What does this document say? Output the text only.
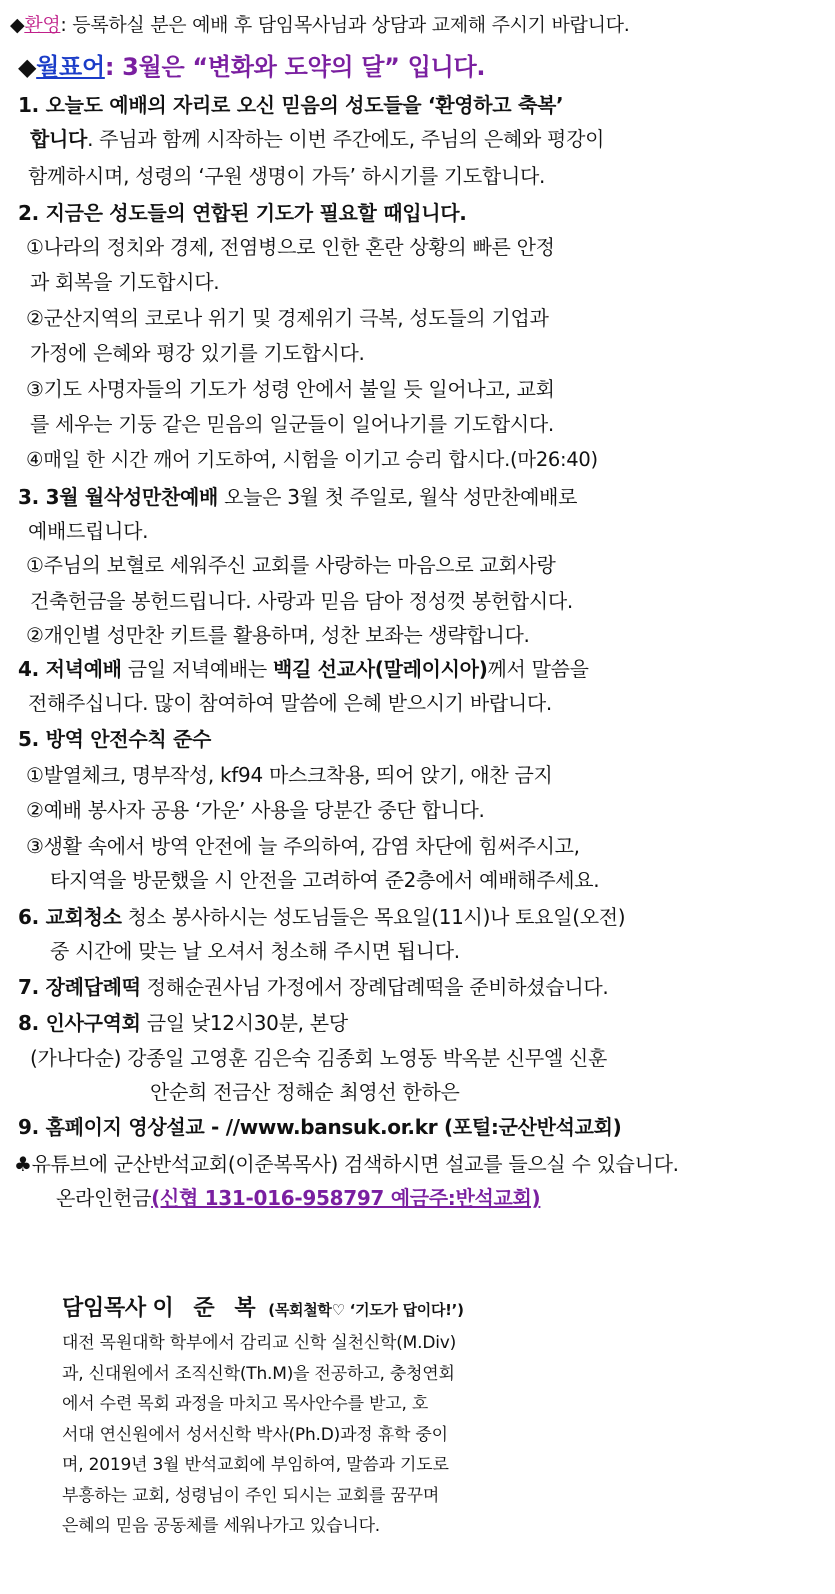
◆환영: 등록하실 분은 예배 후 담임목사님과 상담과 교제해 주시기 바랍니다.
◆월표어: 3월은 “변화와 도약의 달” 입니다.
1. 오늘도 예배의 자리로 오신 믿음의 성도들을 ‘환영하고 축복’
합니다. 주님과 함께 시작하는 이번 주간에도, 주님의 은혜와 평강이
함께하시며, 성령의 ‘구원 생명이 가득’ 하시기를 기도합니다.
2. 지금은 성도들의 연합된 기도가 필요할 때입니다.
①나라의 정치와 경제, 전염병으로 인한 혼란 상황의 빠른 안정
과 회복을 기도합시다.
②군산지역의 코로나 위기 및 경제위기 극복, 성도들의 기업과
가정에 은혜와 평강 있기를 기도합시다.
③기도 사명자들의 기도가 성령 안에서 불일 듯 일어나고, 교회
를 세우는 기둥 같은 믿음의 일군들이 일어나기를 기도합시다.
④매일 한 시간 깨어 기도하여, 시험을 이기고 승리 합시다.(마26:40)
3. 3월 월삭성만찬예배 오늘은 3월 첫 주일로, 월삭 성만찬예배로
예배드립니다.
①주님의 보혈로 세워주신 교회를 사랑하는 마음으로 교회사랑
건축헌금을 봉헌드립니다. 사랑과 믿음 담아 정성껏 봉헌합시다.
②개인별 성만찬 키트를 활용하며, 성찬 보좌는 생략합니다.
4. 저녁예배 금일 저녁예배는 백길 선교사(말레이시아)께서 말씀을
전해주십니다. 많이 참여하여 말씀에 은혜 받으시기 바랍니다.
5. 방역 안전수칙 준수
①발열체크, 명부작성, kf94 마스크착용, 띄어 앉기, 애찬 금지
②예배 봉사자 공용 ‘가운’ 사용을 당분간 중단 합니다.
③생활 속에서 방역 안전에 늘 주의하여, 감염 차단에 힘써주시고,
타지역을 방문했을 시 안전을 고려하여 준2층에서 예배해주세요.
6. 교회청소 청소 봉사하시는 성도님들은 목요일(11시)나 토요일(오전)
중 시간에 맞는 날 오셔서 청소해 주시면 됩니다.
7. 장례답례떡 정해순권사님 가정에서 장례답례떡을 준비하셨습니다.
8. 인사구역회 금일 낮12시30분, 본당
(가나다순) 강종일 고영훈 김은숙 김종회 노영동 박옥분 신무엘 신훈
안순희 전금산 정해순 최영선 한하은
9. 홈페이지 영상설교 - //www.bansuk.or.kr (포털:군산반석교회)
♣유튜브에 군산반석교회(이준복목사) 검색하시면 설교를 들으실 수 있습니다.
온라인헌금(신협 131-016-958797 예금주:반석교회)
담임목사 이 준 복 (목회철학♡ ‘기도가 답이다!’)
대전 목원대학 학부에서 감리교 신학 실천신학(M.Div)
과, 신대원에서 조직신학(Th.M)을 전공하고, 충청연회
에서 수련 목회 과정을 마치고 목사안수를 받고, 호
서대 연신원에서 성서신학 박사(Ph.D)과정 휴학 중이
며, 2019년 3월 반석교회에 부임하여, 말씀과 기도로
부흥하는 교회, 성령님이 주인 되시는 교회를 꿈꾸며
은혜의 믿음 공동체를 세워나가고 있습니다.
